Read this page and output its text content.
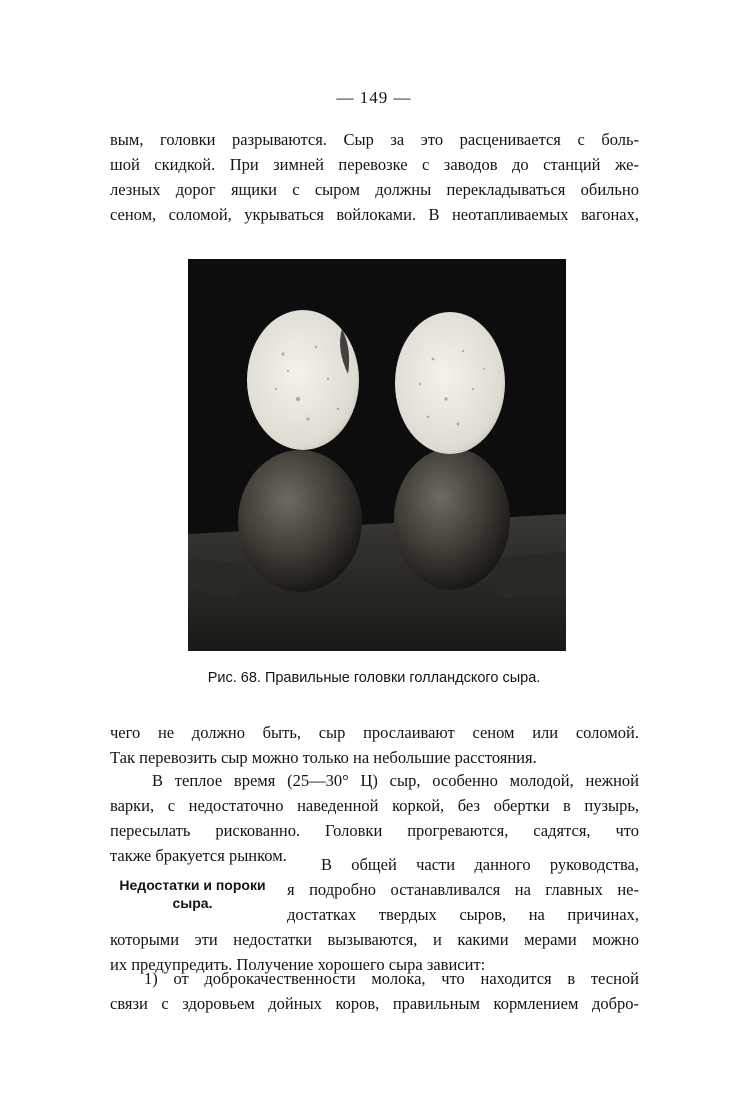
— 149 —

вым, головки разрываются. Сыр за это расценивается с боль-
шой скидкой. При зимней перевозке с заводов до станций же-
лезных дорог ящики с сыром должны перекладываться обильно
сеном, соломой, укрываться войлоками. В неотапливаемых вагонах,

Рис. 68. Правильные головки голландского сыра.

чего не должно быть, сыр прослаивают сеном или соломой.
Так перевозить сыр можно только на небольшие расстояния.

В теплое время (25—30° Ц) сыр, особенно молодой, нежной
варки, с недостаточно наведенной коркой, без обертки в пузырь,
пересылать рискованно. Головки прогреваются, садятся, что
также бракуется рынком.

Недостатки и пороки
сыра.
В общей части данного руководства,
я подробно останавливался на главных не-
достатках твердых сыров, на причинах,

которыми эти недостатки вызываются, и какими мерами можно
их предупредить. Получение хорошего сыра зависит:

1) от доброкачественности молока, что находится в тесной
связи с здоровьем дойных коров, правильным кормлением добро-
